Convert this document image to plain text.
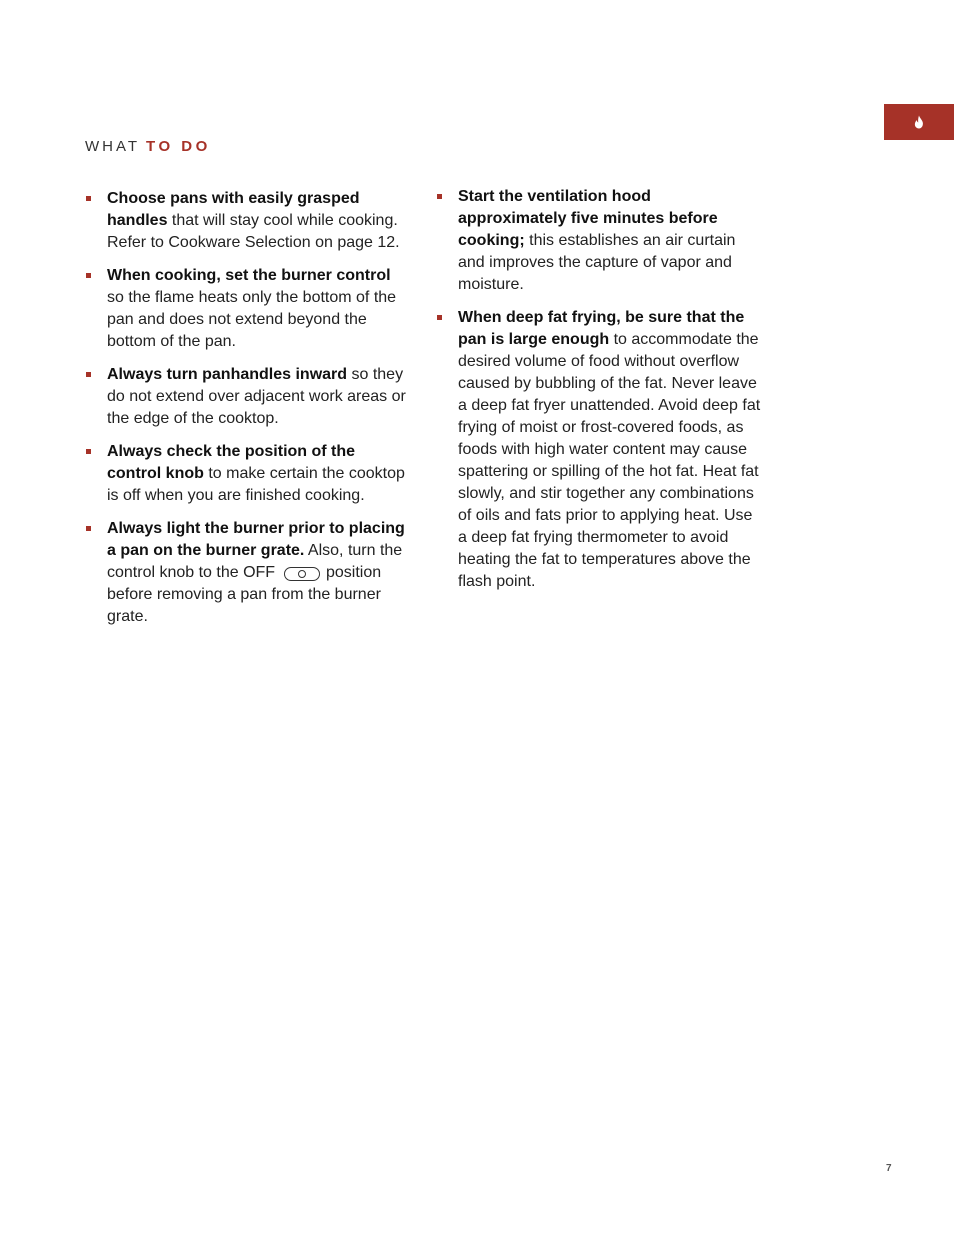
WHAT TO DO
Choose pans with easily grasped handles that will stay cool while cooking. Refer to Cookware Selection on page 12.
When cooking, set the burner control so the flame heats only the bottom of the pan and does not extend beyond the bottom of the pan.
Always turn panhandles inward so they do not extend over adjacent work areas or the edge of the cooktop.
Always check the position of the control knob to make certain the cooktop is off when you are finished cooking.
Always light the burner prior to placing a pan on the burner grate. Also, turn the control knob to the OFF	position before removing a pan from the burner grate.
Start the ventilation hood approximately five minutes before cooking; this establishes an air curtain and improves the capture of vapor and moisture.
When deep fat frying, be sure that the pan is large enough to accommodate the desired volume of food without overflow caused by bubbling of the fat. Never leave a deep fat fryer unattended. Avoid deep fat frying of moist or frost-covered foods, as foods with high water content may cause spattering or spilling of the hot fat. Heat fat slowly, and stir together any combinations of oils and fats prior to applying heat. Use a deep fat frying thermometer to avoid heating the fat to temperatures above the flash point.
7
